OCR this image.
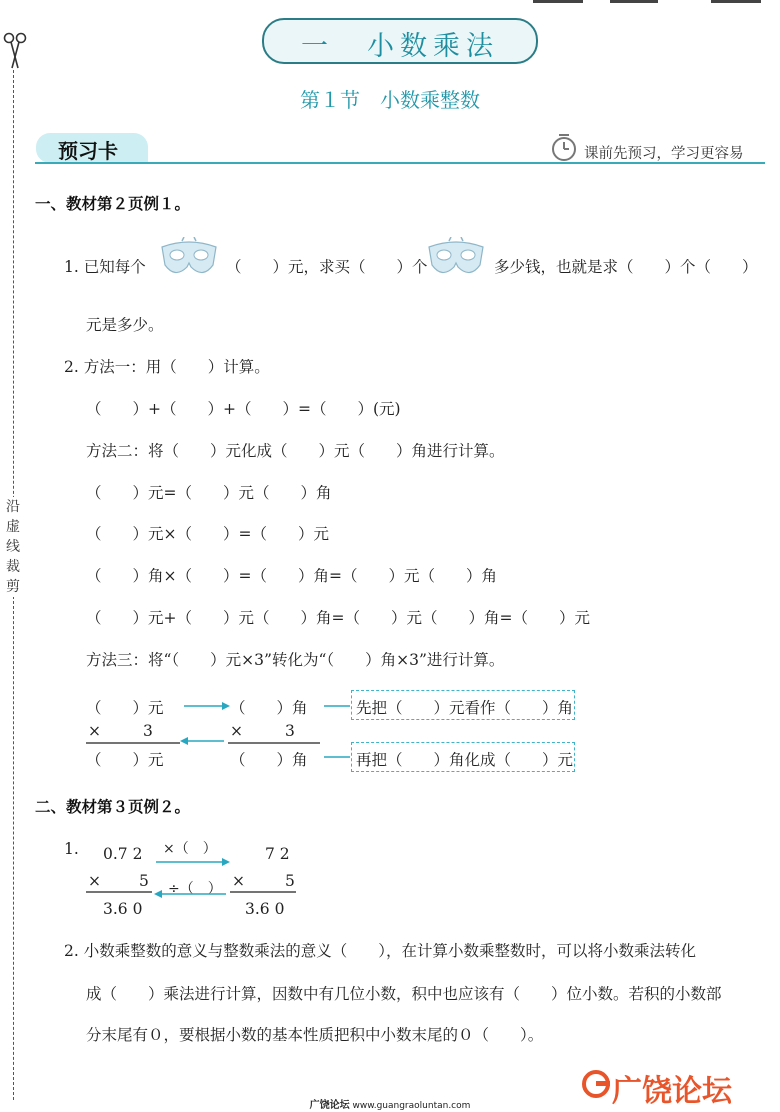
沿
虚
线
裁
剪
一　小数乘法
第１节　小数乘整数
预习卡	课前先预习，学习更容易
一、教材第２页例１。
1. 已知每个	（　　）元，求买（　　）个	多少钱，也就是求（　　）个（　　）
元是多少。
2. 方法一：用（　　）计算。
（　　）+（　　）+（　　）=（　　）(元)
方法二：将（　　）元化成（　　）元（　　）角进行计算。
（　　）元=（　　）元（　　）角
（　　）元×（　　）=（　　）元
（　　）角×（　　）=（　　）角=（　　）元（　　）角
（　　）元+（　　）元（　　）角=（　　）元（　　）角=（　　）元
方法三：将“（　　）元×3”转化为“（　　）角×3”进行计算。
（　　）元
×	3
（　　）元
（　　）角
×	3
（　　）角
先把（　　）元看作（　　）角
再把（　　）角化成（　　）元
二、教材第３页例２。
1. 0.7 2
× 5
3.6 0
×（　）
÷（　）
7 2
×	5
3.6 0
2. 小数乘整数的意义与整数乘法的意义（　　），在计算小数乘整数时，可以将小数乘法转化
成（　　）乘法进行计算，因数中有几位小数，积中也应该有（　　）位小数。若积的小数部
分末尾有０，要根据小数的基本性质把积中小数末尾的０（　　）。
广饶论坛 www.guangraoluntan.com	广饶论坛
